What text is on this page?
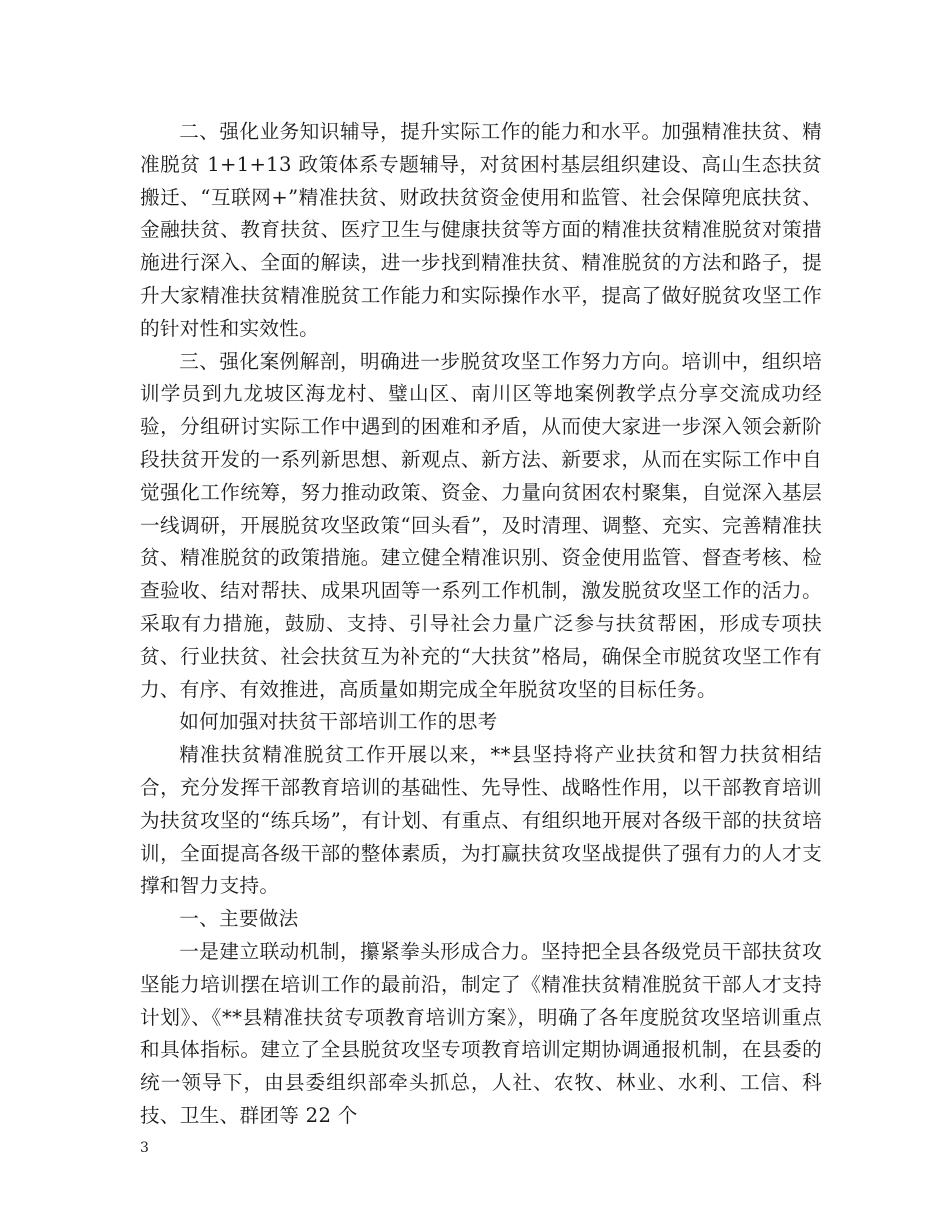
二、强化业务知识辅导，提升实际工作的能力和水平。加强精准扶贫、精准脱贫 1+1+13 政策体系专题辅导，对贫困村基层组织建设、高山生态扶贫搬迁、“互联网+”精准扶贫、财政扶贫资金使用和监管、社会保障兜底扶贫、金融扶贫、教育扶贫、医疗卫生与健康扶贫等方面的精准扶贫精准脱贫对策措施进行深入、全面的解读，进一步找到精准扶贫、精准脱贫的方法和路子，提升大家精准扶贫精准脱贫工作能力和实际操作水平，提高了做好脱贫攻坚工作的针对性和实效性。

三、强化案例解剖，明确进一步脱贫攻坚工作努力方向。培训中，组织培训学员到九龙坡区海龙村、璧山区、南川区等地案例教学点分享交流成功经验，分组研讨实际工作中遇到的困难和矛盾，从而使大家进一步深入领会新阶段扶贫开发的一系列新思想、新观点、新方法、新要求，从而在实际工作中自觉强化工作统筹，努力推动政策、资金、力量向贫困农村聚集，自觉深入基层一线调研，开展脱贫攻坚政策“回头看”，及时清理、调整、充实、完善精准扶贫、精准脱贫的政策措施。建立健全精准识别、资金使用监管、督查考核、检查验收、结对帮扶、成果巩固等一系列工作机制，激发脱贫攻坚工作的活力。采取有力措施，鼓励、支持、引导社会力量广泛参与扶贫帮困，形成专项扶贫、行业扶贫、社会扶贫互为补充的“大扶贫”格局，确保全市脱贫攻坚工作有力、有序、有效推进，高质量如期完成全年脱贫攻坚的目标任务。

如何加强对扶贫干部培训工作的思考

精准扶贫精准脱贫工作开展以来，**县坚持将产业扶贫和智力扶贫相结合，充分发挥干部教育培训的基础性、先导性、战略性作用，以干部教育培训为扶贫攻坚的“练兵场”，有计划、有重点、有组织地开展对各级干部的扶贫培训，全面提高各级干部的整体素质，为打赢扶贫攻坚战提供了强有力的人才支撑和智力支持。

一、主要做法

一是建立联动机制，攥紧拳头形成合力。坚持把全县各级党员干部扶贫攻坚能力培训摆在培训工作的最前沿，制定了《精准扶贫精准脱贫干部人才支持计划》、《**县精准扶贫专项教育培训方案》，明确了各年度脱贫攻坚培训重点和具体指标。建立了全县脱贫攻坚专项教育培训定期协调通报机制，在县委的统一领导下，由县委组织部牵头抓总，人社、农牧、林业、水利、工信、科技、卫生、群团等 22 个

3
